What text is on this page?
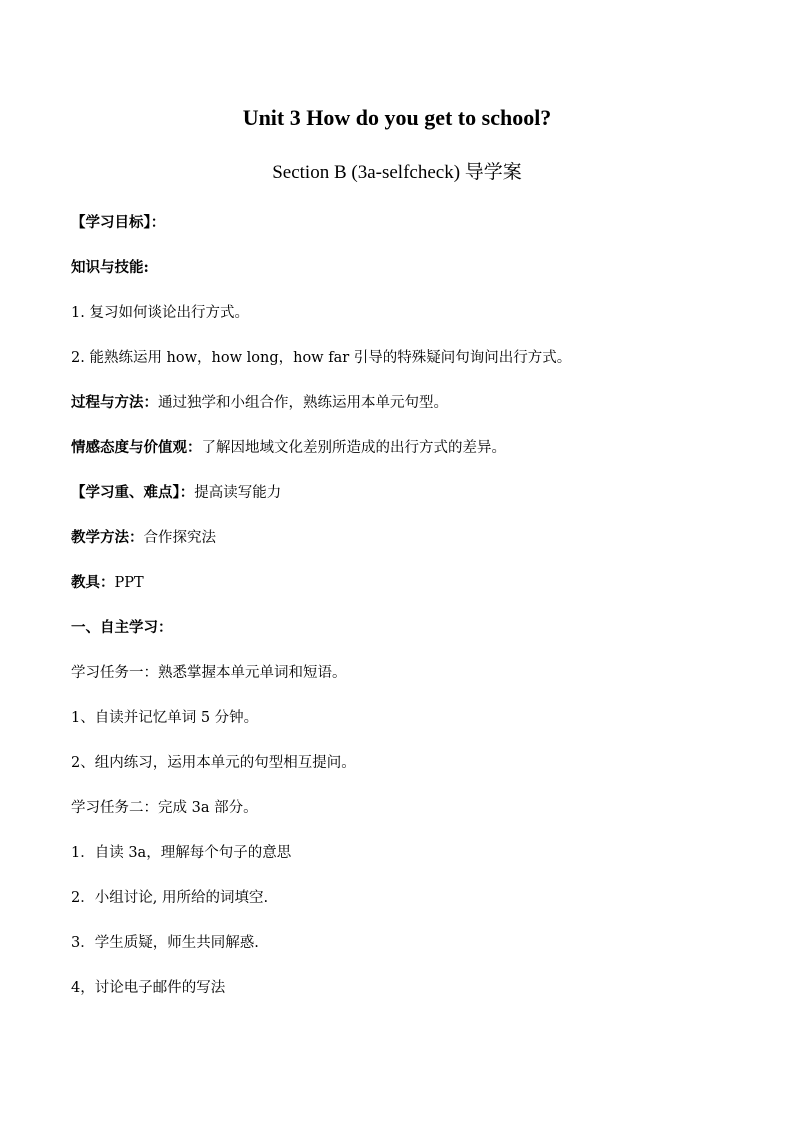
Unit 3 How do you get to school?
Section B (3a-selfcheck) 导学案
【学习目标】：
知识与技能:
1. 复习如何谈论出行方式。
2. 能熟练运用 how，how long，how far 引导的特殊疑问句询问出行方式。
过程与方法：通过独学和小组合作，熟练运用本单元句型。
情感态度与价值观：了解因地域文化差别所造成的出行方式的差异。
【学习重、难点】：提高读写能力
教学方法：合作探究法
教具：PPT
一、自主学习：
学习任务一：熟悉掌握本单元单词和短语。
1、自读并记忆单词 5 分钟。
2、组内练习，运用本单元的句型相互提问。
学习任务二：完成 3a 部分。
1．自读 3a，理解每个句子的意思
2．小组讨论, 用所给的词填空.
3．学生质疑，师生共同解惑.
4，讨论电子邮件的写法
